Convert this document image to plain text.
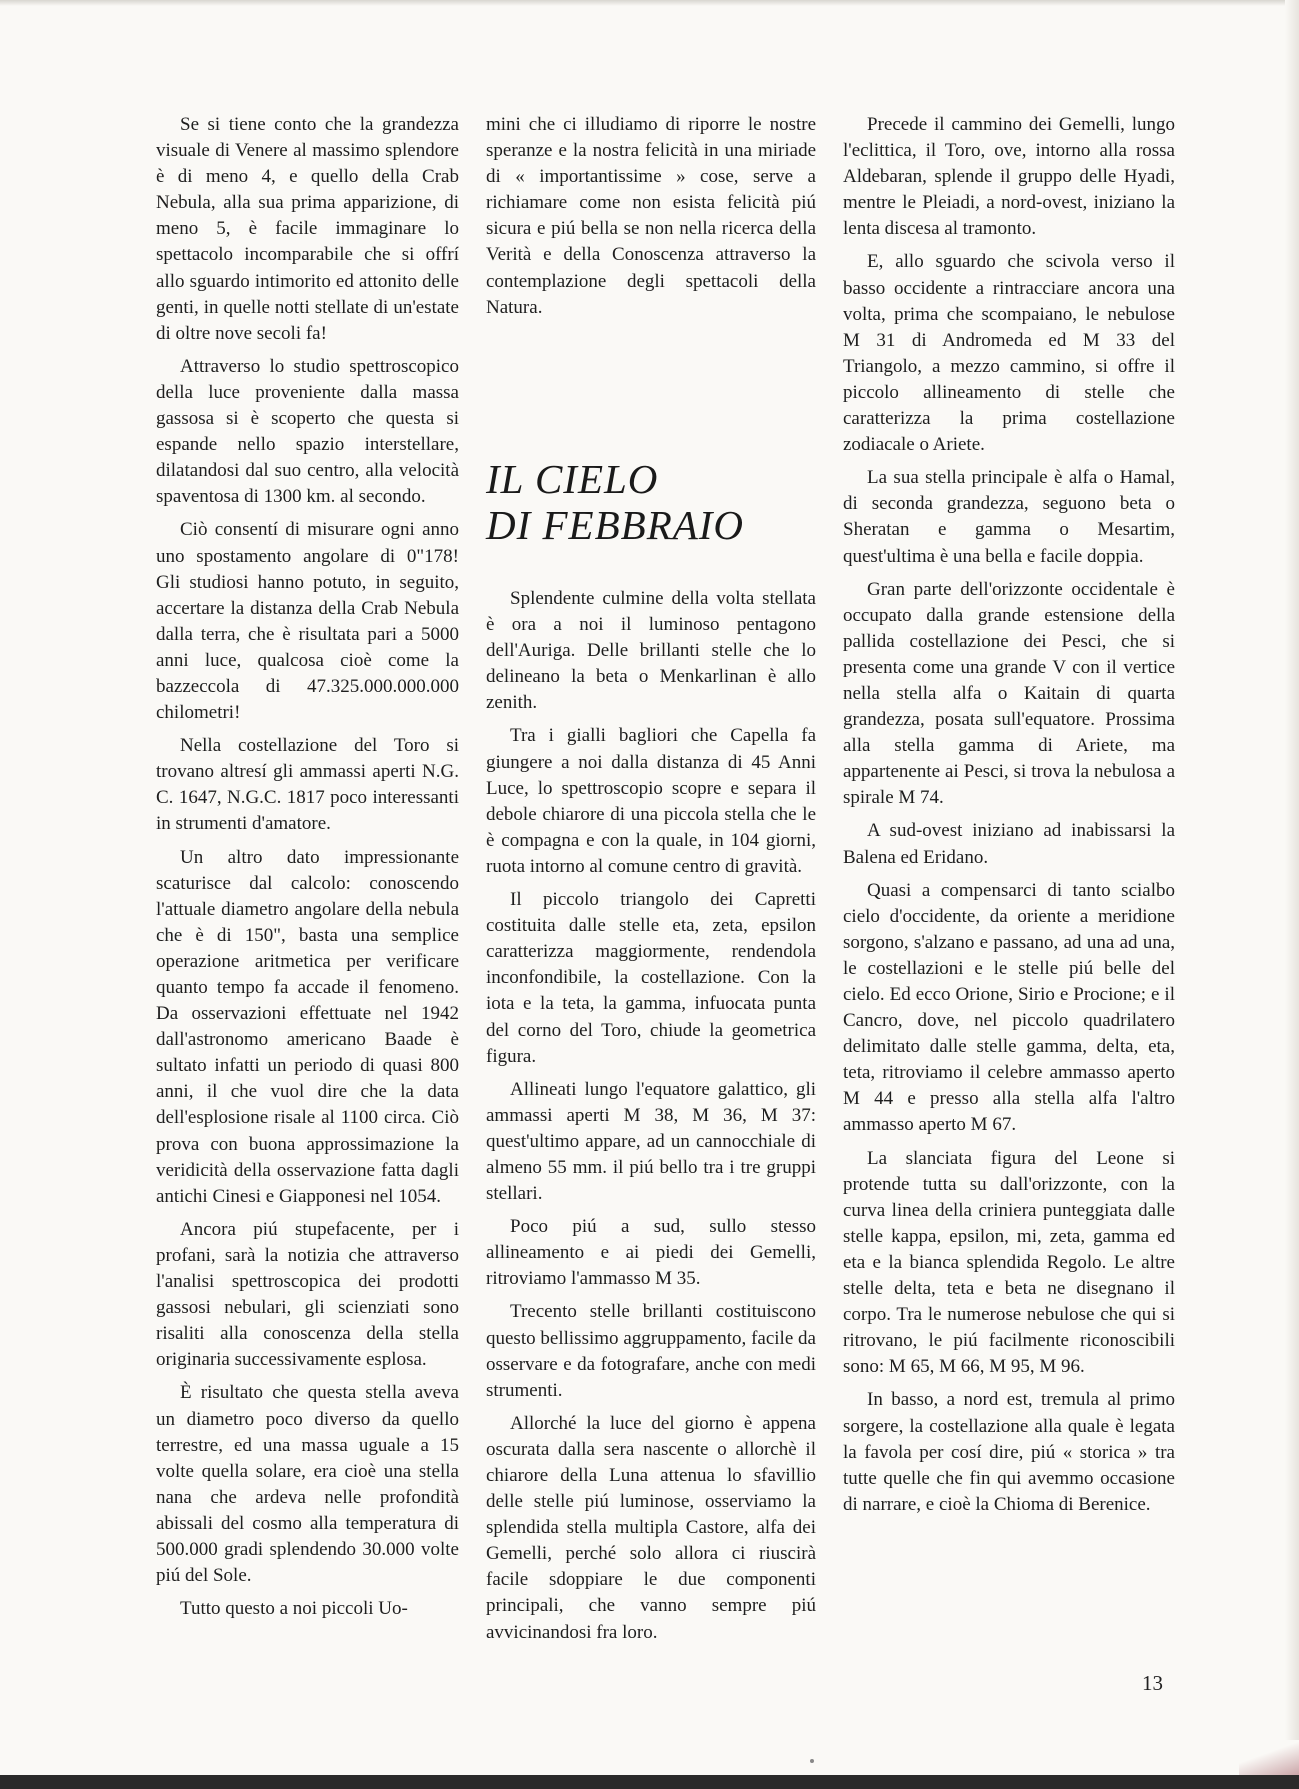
Se si tiene conto che la grandezza visuale di Venere al massimo splendore è di meno 4, e quello della Crab Nebula, alla sua prima apparizione, di meno 5, è facile immaginare lo spettacolo incomparabile che si offrí allo sguardo intimorito ed attonito delle genti, in quelle notti stellate di un'estate di oltre nove secoli fa!

Attraverso lo studio spettroscopico della luce proveniente dalla massa gassosa si è scoperto che questa si espande nello spazio interstellare, dilatandosi dal suo centro, alla velocità spaventosa di 1300 km. al secondo.

Ciò consentí di misurare ogni anno uno spostamento angolare di 0"178! Gli studiosi hanno potuto, in seguito, accertare la distanza della Crab Nebula dalla terra, che è risultata pari a 5000 anni luce, qualcosa cioè come la bazzeccola di 47.325.000.000.000 chilometri!

Nella costellazione del Toro si trovano altresí gli ammassi aperti N.G. C. 1647, N.G.C. 1817 poco interessanti in strumenti d'amatore.

Un altro dato impressionante scaturisce dal calcolo: conoscendo l'attuale diametro angolare della nebula che è di 150", basta una semplice operazione aritmetica per verificare quanto tempo fa accade il fenomeno. Da osservazioni effettuate nel 1942 dall'astronomo americano Baade è sultato infatti un periodo di quasi 800 anni, il che vuol dire che la data dell'esplosione risale al 1100 circa. Ciò prova con buona approssimazione la veridicità della osservazione fatta dagli antichi Cinesi e Giapponesi nel 1054.

Ancora piú stupefacente, per i profani, sarà la notizia che attraverso l'analisi spettroscopica dei prodotti gassosi nebulari, gli scienziati sono risaliti alla conoscenza della stella originaria successivamente esplosa.

È risultato che questa stella aveva un diametro poco diverso da quello terrestre, ed una massa uguale a 15 volte quella solare, era cioè una stella nana che ardeva nelle profondità abissali del cosmo alla temperatura di 500.000 gradi splendendo 30.000 volte piú del Sole.

Tutto questo a noi piccoli Uo-

mini che ci illudiamo di riporre le nostre speranze e la nostra felicità in una miriade di « importantissime » cose, serve a richiamare come non esista felicità piú sicura e piú bella se non nella ricerca della Verità e della Conoscenza attraverso la contemplazione degli spettacoli della Natura.

IL CIELO
DI FEBBRAIO

Splendente culmine della volta stellata è ora a noi il luminoso pentagono dell'Auriga. Delle brillanti stelle che lo delineano la beta o Menkarlinan è allo zenith.

Tra i gialli bagliori che Capella fa giungere a noi dalla distanza di 45 Anni Luce, lo spettroscopio scopre e separa il debole chiarore di una piccola stella che le è compagna e con la quale, in 104 giorni, ruota intorno al comune centro di gravità.

Il piccolo triangolo dei Capretti costituita dalle stelle eta, zeta, epsilon caratterizza maggiormente, rendendola inconfondibile, la costellazione. Con la iota e la teta, la gamma, infuocata punta del corno del Toro, chiude la geometrica figura.

Allineati lungo l'equatore galattico, gli ammassi aperti M 38, M 36, M 37: quest'ultimo appare, ad un cannocchiale di almeno 55 mm. il piú bello tra i tre gruppi stellari.

Poco piú a sud, sullo stesso allineamento e ai piedi dei Gemelli, ritroviamo l'ammasso M 35.

Trecento stelle brillanti costituiscono questo bellissimo aggruppamento, facile da osservare e da fotografare, anche con medi strumenti.

Allorché la luce del giorno è appena oscurata dalla sera nascente o allorchè il chiarore della Luna attenua lo sfavillio delle stelle piú luminose, osserviamo la splendida stella multipla Castore, alfa dei Gemelli, perché solo allora ci riuscirà facile sdoppiare le due componenti principali, che vanno sempre piú avvicinandosi fra loro.

Precede il cammino dei Gemelli, lungo l'eclittica, il Toro, ove, intorno alla rossa Aldebaran, splende il gruppo delle Hyadi, mentre le Pleiadi, a nord-ovest, iniziano la lenta discesa al tramonto.

E, allo sguardo che scivola verso il basso occidente a rintracciare ancora una volta, prima che scompaiano, le nebulose M 31 di Andromeda ed M 33 del Triangolo, a mezzo cammino, si offre il piccolo allineamento di stelle che caratterizza la prima costellazione zodiacale o Ariete.

La sua stella principale è alfa o Hamal, di seconda grandezza, seguono beta o Sheratan e gamma o Mesartim, quest'ultima è una bella e facile doppia.

Gran parte dell'orizzonte occidentale è occupato dalla grande estensione della pallida costellazione dei Pesci, che si presenta come una grande V con il vertice nella stella alfa o Kaitain di quarta grandezza, posata sull'equatore. Prossima alla stella gamma di Ariete, ma appartenente ai Pesci, si trova la nebulosa a spirale M 74.

A sud-ovest iniziano ad inabissarsi la Balena ed Eridano.

Quasi a compensarci di tanto scialbo cielo d'occidente, da oriente a meridione sorgono, s'alzano e passano, ad una ad una, le costellazioni e le stelle piú belle del cielo. Ed ecco Orione, Sirio e Procione; e il Cancro, dove, nel piccolo quadrilatero delimitato dalle stelle gamma, delta, eta, teta, ritroviamo il celebre ammasso aperto M 44 e presso alla stella alfa l'altro ammasso aperto M 67.

La slanciata figura del Leone si protende tutta su dall'orizzonte, con la curva linea della criniera punteggiata dalle stelle kappa, epsilon, mi, zeta, gamma ed eta e la bianca splendida Regolo. Le altre stelle delta, teta e beta ne disegnano il corpo. Tra le numerose nebulose che qui si ritrovano, le piú facilmente riconoscibili sono: M 65, M 66, M 95, M 96.

In basso, a nord est, tremula al primo sorgere, la costellazione alla quale è legata la favola per cosí dire, piú « storica » tra tutte quelle che fin qui avemmo occasione di narrare, e cioè la Chioma di Berenice.

13
